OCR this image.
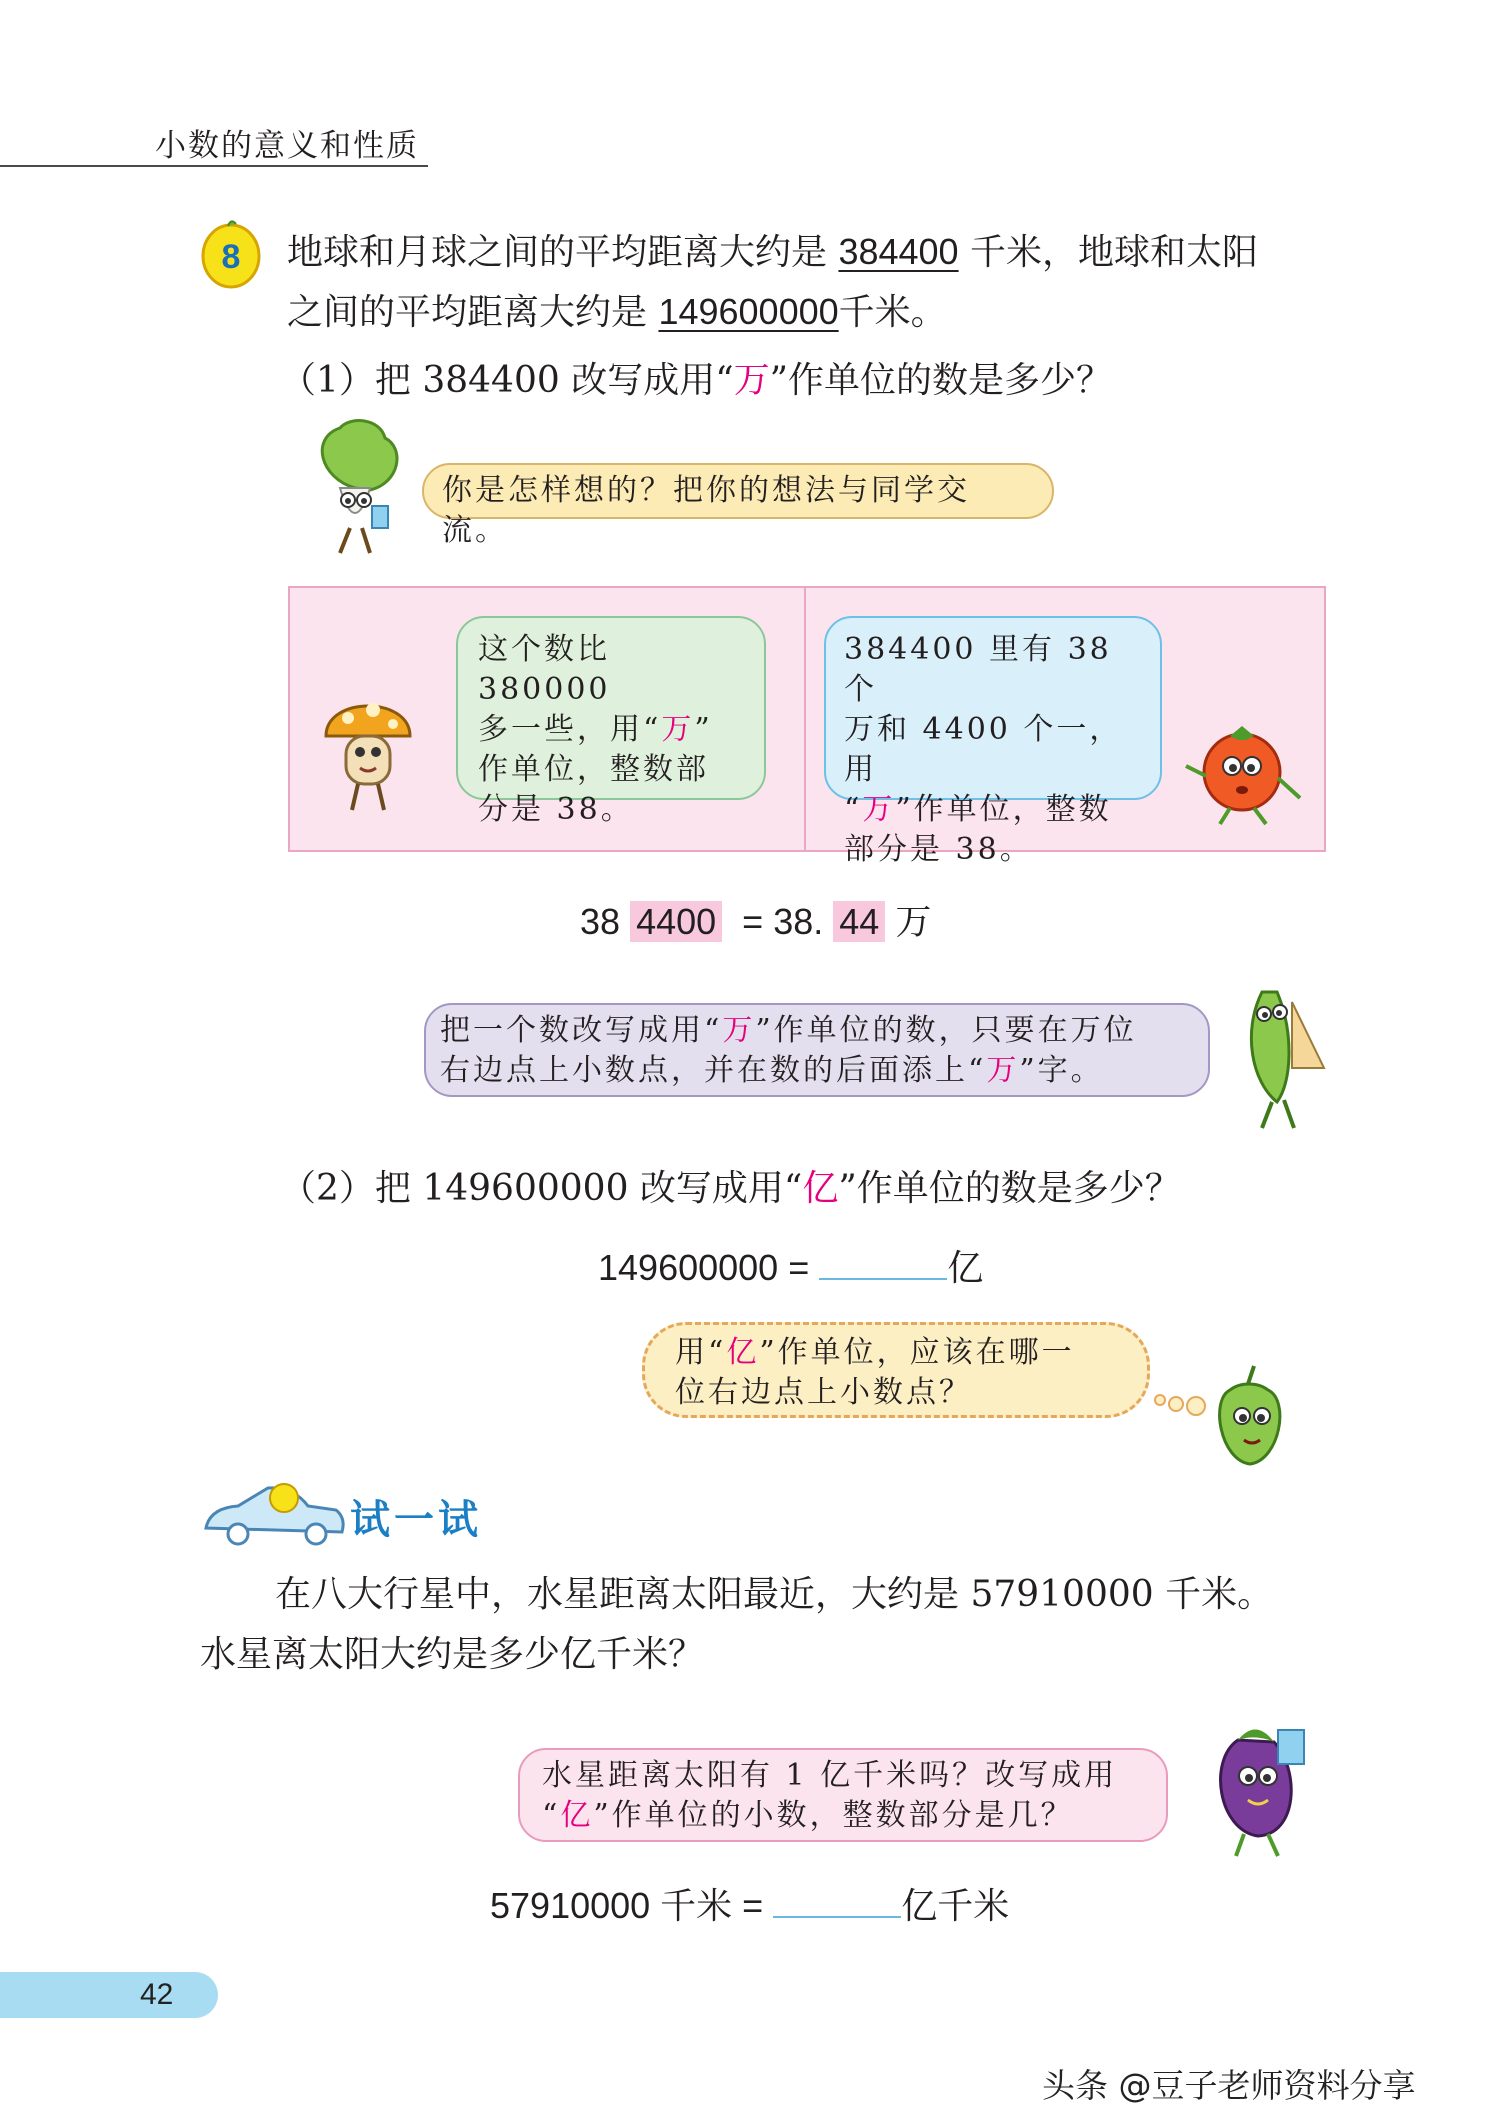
小数的意义和性质
8 地球和月球之间的平均距离大约是 384400 千米，地球和太阳
之间的平均距离大约是 149600000千米。
（1）把 384400 改写成用“万”作单位的数是多少？
你是怎样想的？把你的想法与同学交流。
这个数比 380000
多一些，用“万”
作单位，整数部
分是 38。
384400 里有 38 个
万和 4400 个一，用
“万”作单位，整数
部分是 38。
38 4400 = 38. 44 万
把一个数改写成用“万”作单位的数，只要在万位
右边点上小数点，并在数的后面添上“万”字。
（2）把 149600000 改写成用“亿”作单位的数是多少？
149600000 =	亿
用“亿”作单位，应该在哪一
位右边点上小数点？
试一试
在八大行星中，水星距离太阳最近，大约是 57910000 千米。
水星离太阳大约是多少亿千米？
水星距离太阳有 1 亿千米吗？改写成用
“亿”作单位的小数，整数部分是几？
57910000 千米 =	亿千米
42
头条 @豆子老师资料分享
